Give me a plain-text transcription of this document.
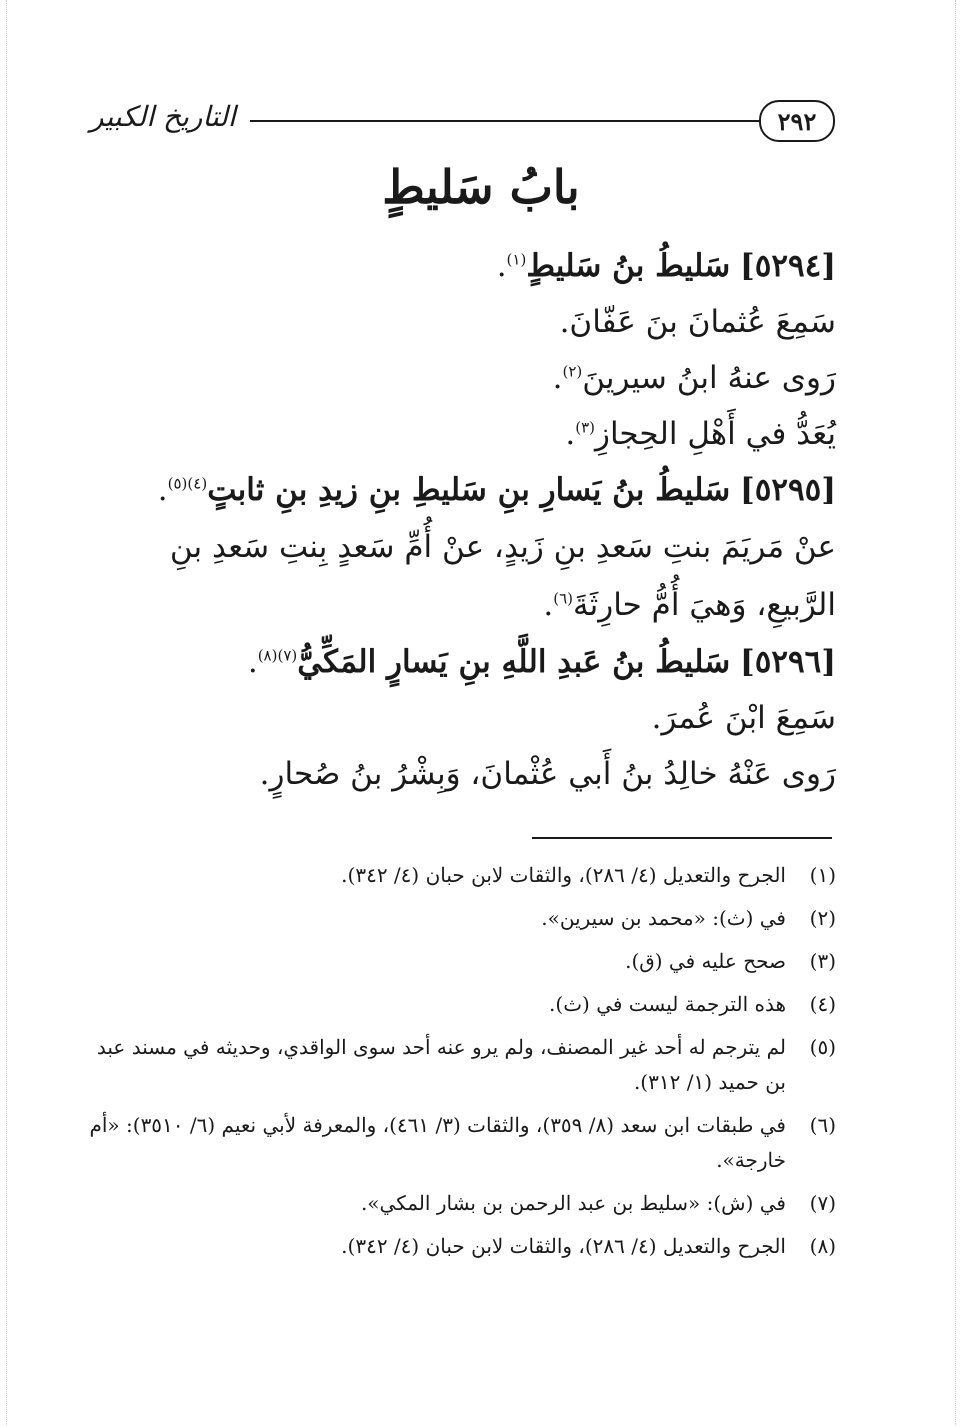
التاريخ الكبير	٢٩٢
بابُ سَليطٍ
[٥٢٩٤] سَليطُ بنُ سَليطٍ$^{(١)}$.
سَمِعَ عُثمانَ بنَ عَفّانَ.
رَوى عنهُ ابنُ سيرينَ$^{(٢)}$.
يُعَدُّ في أَهْلِ الحِجازِ$^{(٣)}$.
[٥٢٩٥] سَليطُ بنُ يَسارِ بنِ سَليطِ بنِ زيدِ بنِ ثابتٍ$^{(٤)(٥)}$.
عنْ مَريَمَ بنتِ سَعدِ بنِ زَيدٍ، عنْ أُمِّ سَعدٍ بِنتِ سَعدِ بنِ الرَّبيعِ، وَهيَ أُمُّ حارِثَةَ$^{(٦)}$.
[٥٢٩٦] سَليطُ بنُ عَبدِ اللَّهِ بنِ يَسارٍ المَكِّيُّ$^{(٧)(٨)}$.
سَمِعَ ابْنَ عُمرَ.
رَوى عَنْهُ خالِدُ بنُ أَبي عُثْمانَ، وَبِشْرُ بنُ صُحارٍ.
(١)
الجرح والتعديل (٤/ ٢٨٦)، والثقات لابن حبان (٤/ ٣٤٢).
(٢)
في (ث): «محمد بن سيرين».
(٣)
صحح عليه في (ق).
(٤)
هذه الترجمة ليست في (ث).
(٥)
لم يترجم له أحد غير المصنف، ولم يرو عنه أحد سوى الواقدي، وحديثه في مسند عبد بن حميد (١/ ٣١٢).
(٦)
في طبقات ابن سعد (٨/ ٣٥٩)، والثقات (٣/ ٤٦١)، والمعرفة لأبي نعيم (٦/ ٣٥١٠): «أم خارجة».
(٧)
في (ش): «سليط بن عبد الرحمن بن بشار المكي».
(٨)
الجرح والتعديل (٤/ ٢٨٦)، والثقات لابن حبان (٤/ ٣٤٢).
